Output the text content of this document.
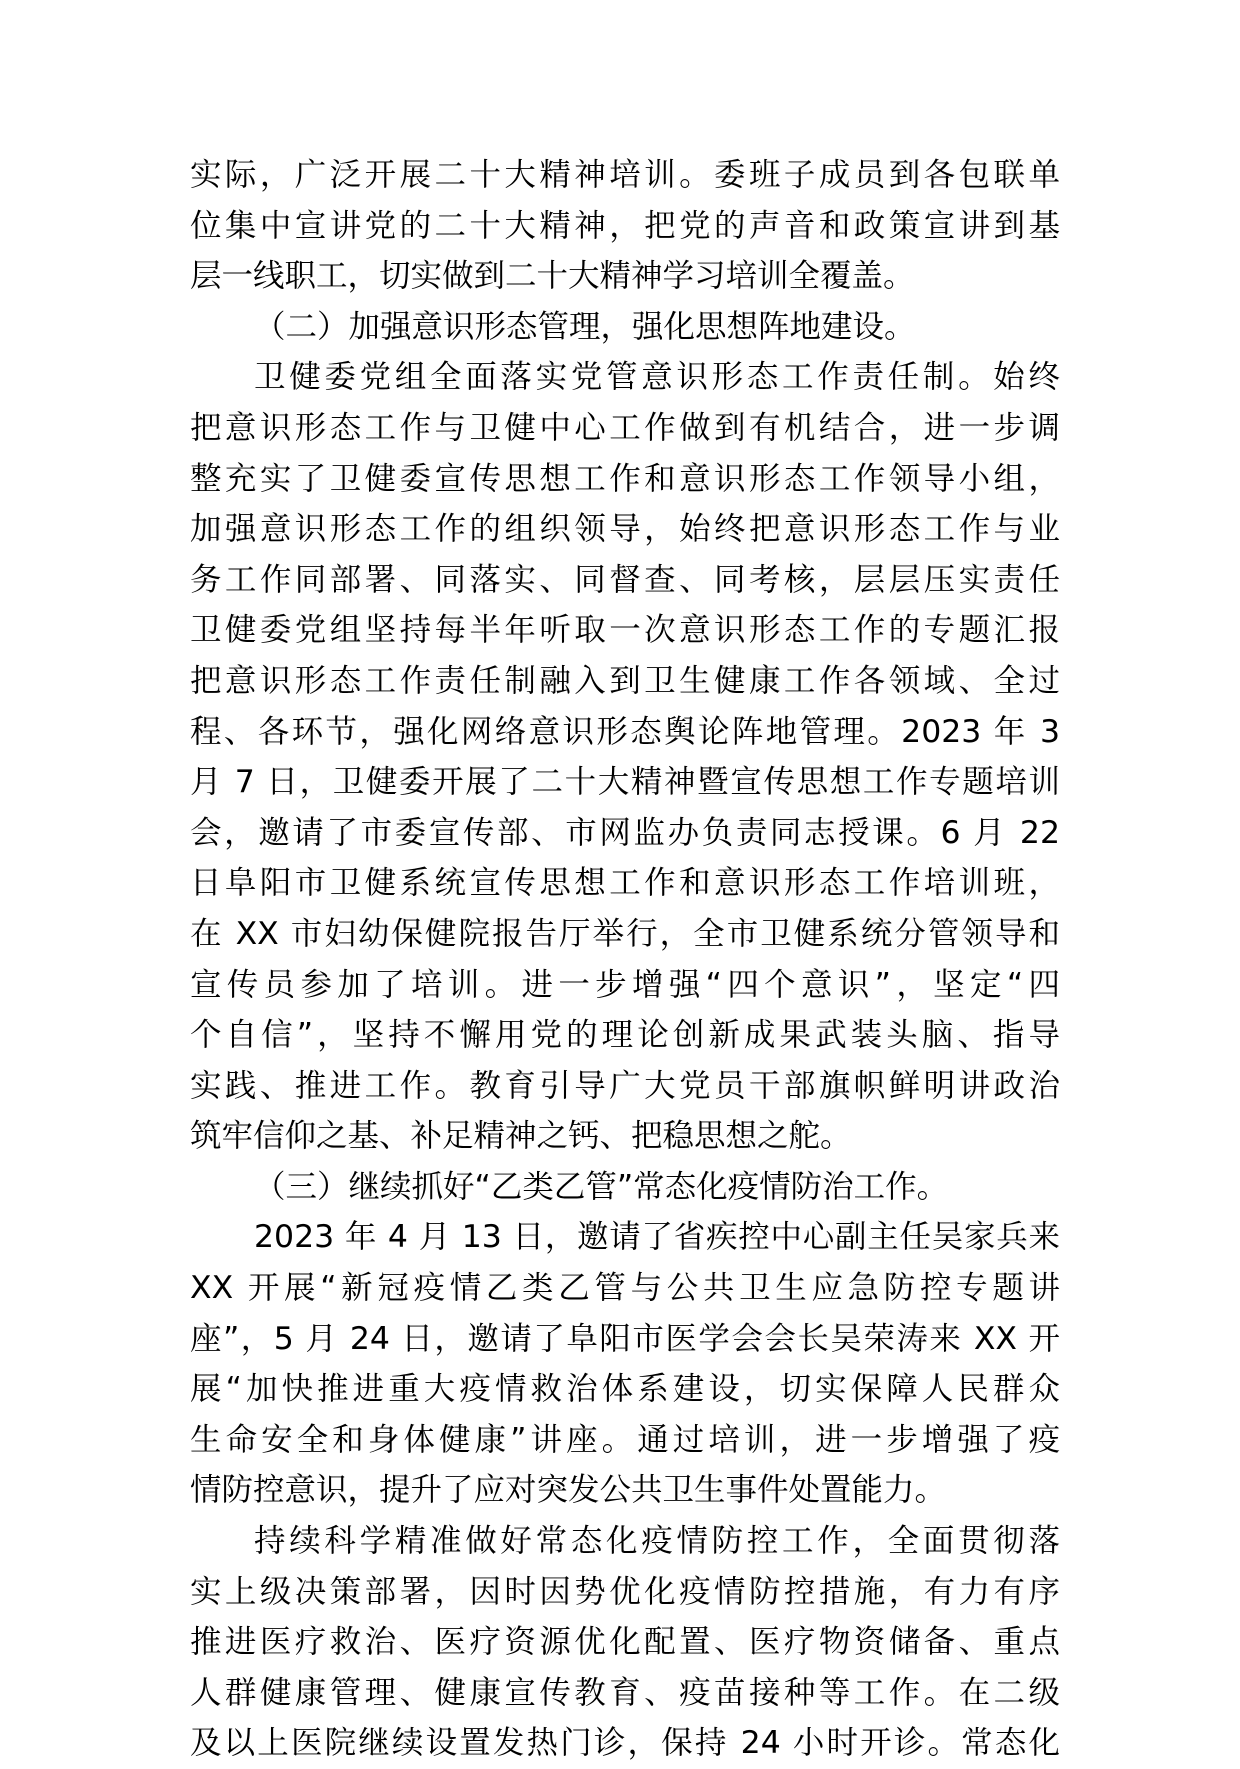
实际，广泛开展二十大精神培训。委班子成员到各包联单
位集中宣讲党的二十大精神，把党的声音和政策宣讲到基
层一线职工，切实做到二十大精神学习培训全覆盖。
（二）加强意识形态管理，强化思想阵地建设。
卫健委党组全面落实党管意识形态工作责任制。始终
把意识形态工作与卫健中心工作做到有机结合，进一步调
整充实了卫健委宣传思想工作和意识形态工作领导小组，
加强意识形态工作的组织领导，始终把意识形态工作与业
务工作同部署、同落实、同督查、同考核，层层压实责任
卫健委党组坚持每半年听取一次意识形态工作的专题汇报
把意识形态工作责任制融入到卫生健康工作各领域、全过
程、各环节，强化网络意识形态舆论阵地管理。2023 年 3
月 7 日，卫健委开展了二十大精神暨宣传思想工作专题培训
会，邀请了市委宣传部、市网监办负责同志授课。6 月 22
日阜阳市卫健系统宣传思想工作和意识形态工作培训班，
在 XX 市妇幼保健院报告厅举行，全市卫健系统分管领导和
宣传员参加了培训。进一步增强“四个意识”，坚定“四
个自信”，坚持不懈用党的理论创新成果武装头脑、指导
实践、推进工作。教育引导广大党员干部旗帜鲜明讲政治
筑牢信仰之基、补足精神之钙、把稳思想之舵。
（三）继续抓好“乙类乙管”常态化疫情防治工作。
2023 年 4 月 13 日，邀请了省疾控中心副主任吴家兵来
XX 开展“新冠疫情乙类乙管与公共卫生应急防控专题讲
座”，5 月 24 日，邀请了阜阳市医学会会长吴荣涛来 XX 开
展“加快推进重大疫情救治体系建设，切实保障人民群众
生命安全和身体健康”讲座。通过培训，进一步增强了疫
情防控意识，提升了应对突发公共卫生事件处置能力。
持续科学精准做好常态化疫情防控工作，全面贯彻落
实上级决策部署，因时因势优化疫情防控措施，有力有序
推进医疗救治、医疗资源优化配置、医疗物资储备、重点
人群健康管理、健康宣传教育、疫苗接种等工作。在二级
及以上医院继续设置发热门诊，保持 24 小时开诊。常态化
